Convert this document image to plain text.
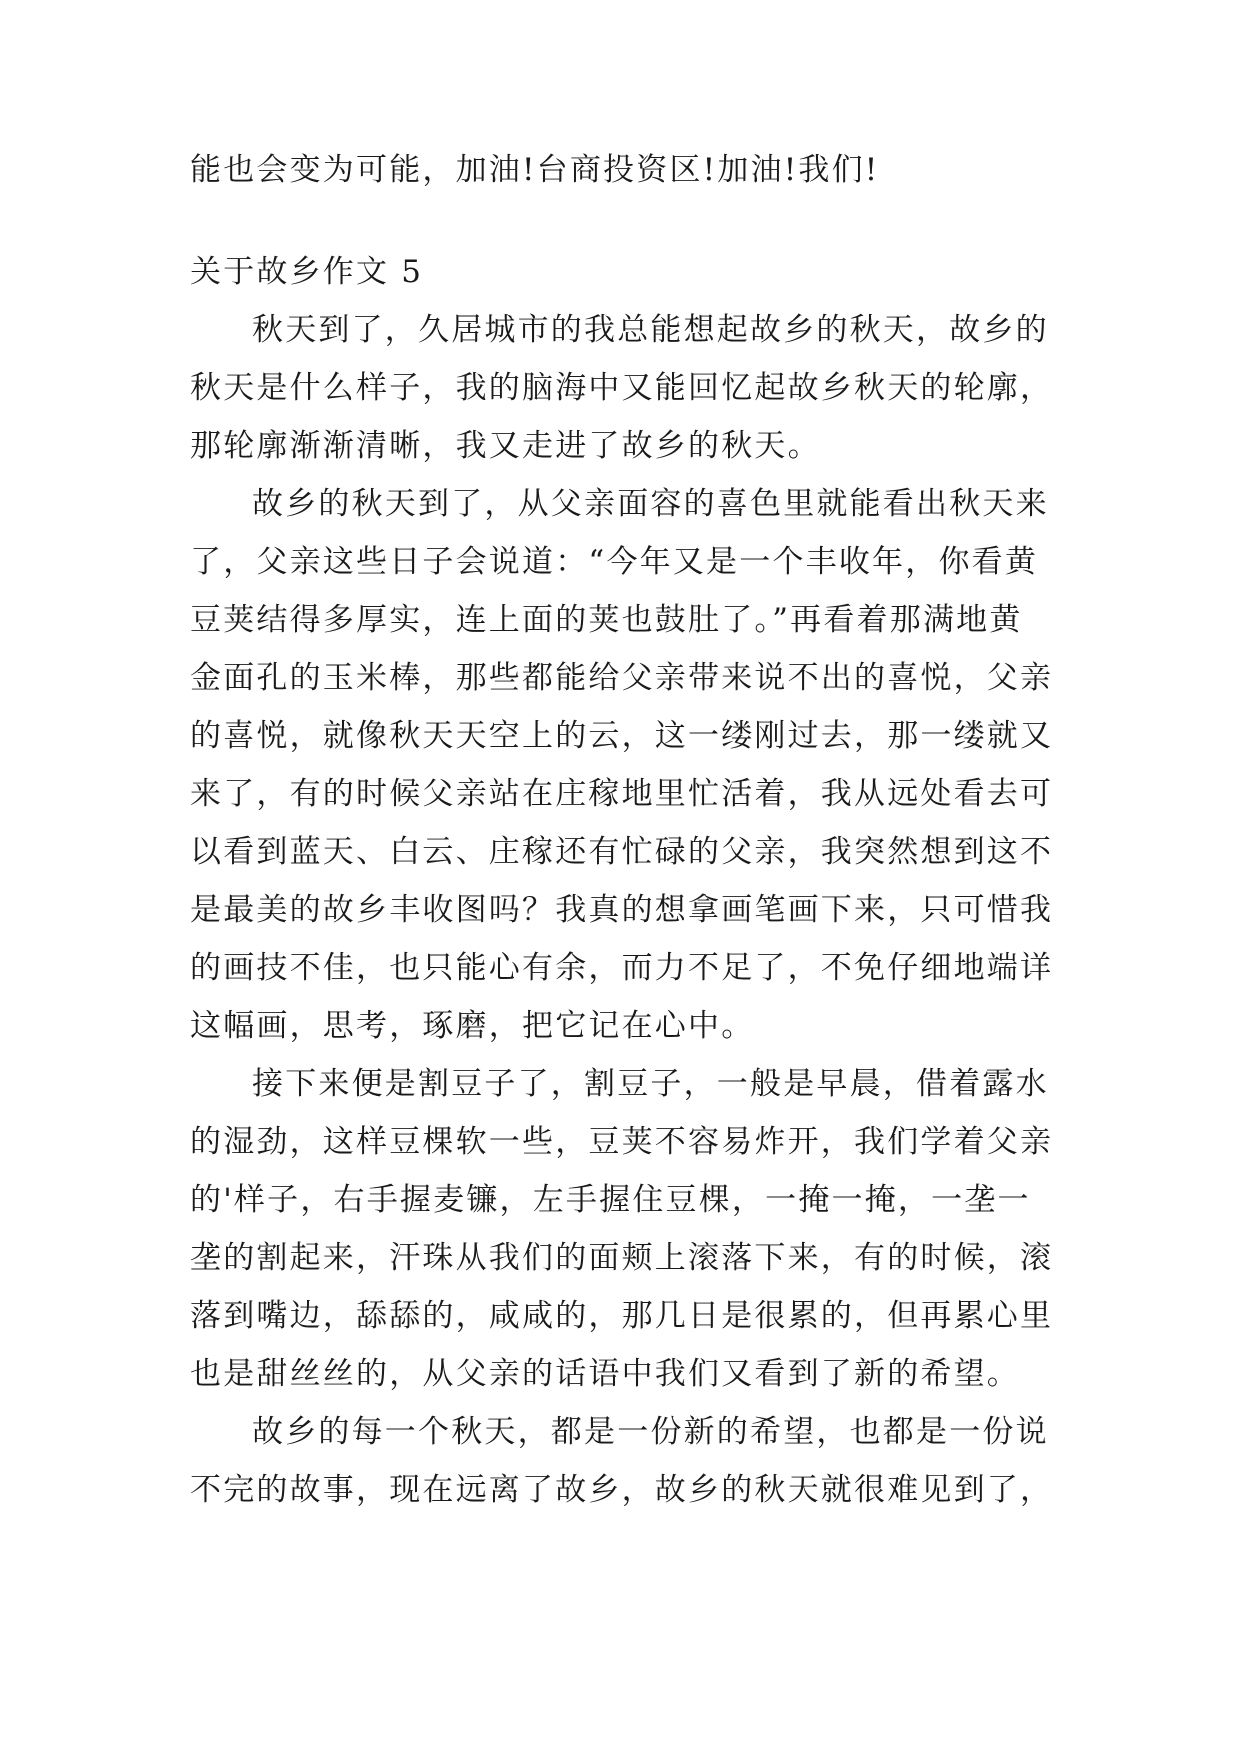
能也会变为可能，加油!台商投资区!加油!我们!
关于故乡作文 5
秋天到了，久居城市的我总能想起故乡的秋天，故乡的
秋天是什么样子，我的脑海中又能回忆起故乡秋天的轮廓，
那轮廓渐渐清晰，我又走进了故乡的秋天。
故乡的秋天到了，从父亲面容的喜色里就能看出秋天来
了，父亲这些日子会说道：“今年又是一个丰收年，你看黄
豆荚结得多厚实，连上面的荚也鼓肚了。”再看着那满地黄
金面孔的玉米棒，那些都能给父亲带来说不出的喜悦，父亲
的喜悦，就像秋天天空上的云，这一缕刚过去，那一缕就又
来了，有的时候父亲站在庄稼地里忙活着，我从远处看去可
以看到蓝天、白云、庄稼还有忙碌的父亲，我突然想到这不
是最美的故乡丰收图吗？我真的想拿画笔画下来，只可惜我
的画技不佳，也只能心有余，而力不足了，不免仔细地端详
这幅画，思考，琢磨，把它记在心中。
接下来便是割豆子了，割豆子，一般是早晨，借着露水
的湿劲，这样豆棵软一些，豆荚不容易炸开，我们学着父亲
的'样子，右手握麦镰，左手握住豆棵，一掩一掩，一垄一
垄的割起来，汗珠从我们的面颊上滚落下来，有的时候，滚
落到嘴边，舔舔的，咸咸的，那几日是很累的，但再累心里
也是甜丝丝的，从父亲的话语中我们又看到了新的希望。
故乡的每一个秋天，都是一份新的希望，也都是一份说
不完的故事，现在远离了故乡，故乡的秋天就很难见到了，
